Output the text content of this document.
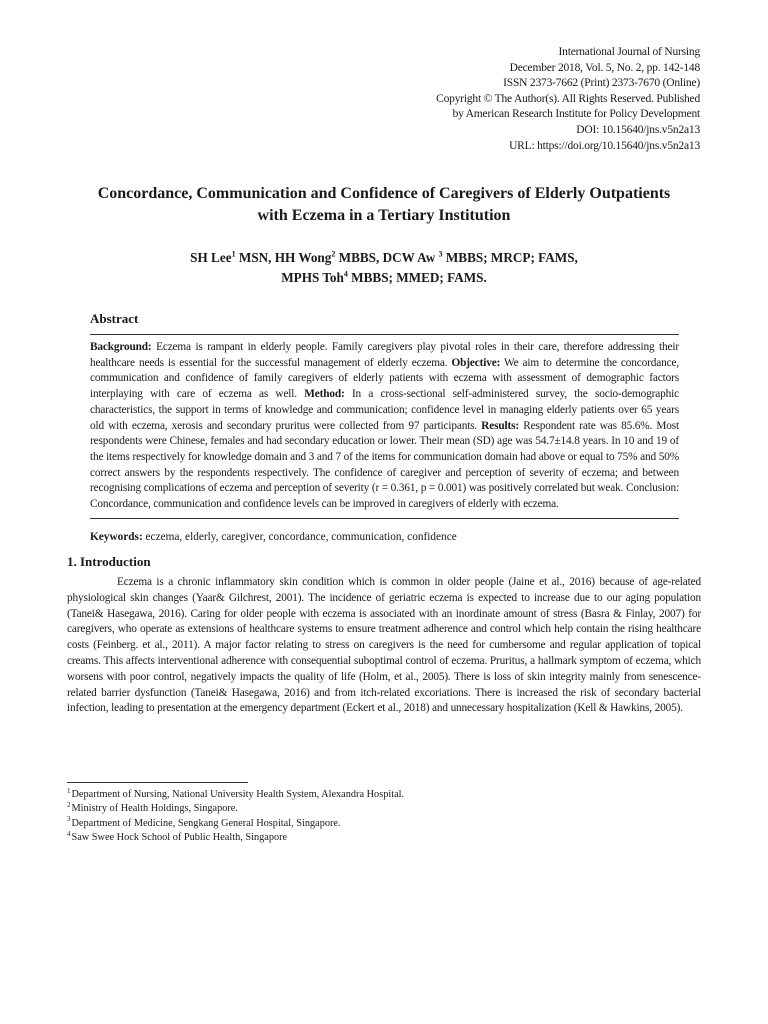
International Journal of Nursing
December 2018, Vol. 5, No. 2, pp. 142-148
ISSN 2373-7662 (Print) 2373-7670 (Online)
Copyright © The Author(s). All Rights Reserved. Published
by American Research Institute for Policy Development
DOI: 10.15640/jns.v5n2a13
URL: https://doi.org/10.15640/jns.v5n2a13
Concordance, Communication and Confidence of Caregivers of Elderly Outpatients
with Eczema in a Tertiary Institution
SH Lee$^1$ MSN, HH Wong$^2$ MBBS, DCW Aw $^3$ MBBS; MRCP; FAMS,
MPHS Toh$^4$ MBBS; MMED; FAMS.
Abstract
Background: Eczema is rampant in elderly people. Family caregivers play pivotal roles in their care, therefore addressing their healthcare needs is essential for the successful management of elderly eczema. Objective: We aim to determine the concordance, communication and confidence of family caregivers of elderly patients with eczema with assessment of demographic factors interplaying with care of eczema as well. Method: In a cross-sectional self-administered survey, the socio-demographic characteristics, the support in terms of knowledge and communication; confidence level in managing elderly patients over 65 years old with eczema, xerosis and secondary pruritus were collected from 97 participants. Results: Respondent rate was 85.6%. Most respondents were Chinese, females and had secondary education or lower. Their mean (SD) age was 54.7±14.8 years. In 10 and 19 of the items respectively for knowledge domain and 3 and 7 of the items for communication domain had above or equal to 75% and 50% correct answers by the respondents respectively. The confidence of caregiver and perception of severity of eczema; and between recognising complications of eczema and perception of severity (r = 0.361, p = 0.001) was positively correlated but weak. Conclusion: Concordance, communication and confidence levels can be improved in caregivers of elderly with eczema.
Keywords: eczema, elderly, caregiver, concordance, communication, confidence
1. Introduction

Eczema is a chronic inflammatory skin condition which is common in older people (Jaine et al., 2016) because of age-related physiological skin changes (Yaar& Gilchrest, 2001). The incidence of geriatric eczema is expected to increase due to our aging population (Tanei& Hasegawa, 2016). Caring for older people with eczema is associated with an inordinate amount of stress (Basra & Finlay, 2007) for caregivers, who operate as extensions of healthcare systems to ensure treatment adherence and control which help contain the rising healthcare costs (Feinberg. et al., 2011). A major factor relating to stress on caregivers is the need for cumbersome and regular application of topical creams. This affects interventional adherence with consequential suboptimal control of eczema. Pruritus, a hallmark symptom of eczema, which worsens with poor control, negatively impacts the quality of life (Holm, et al., 2005). There is loss of skin integrity mainly from senescence-related barrier dysfunction (Tanei& Hasegawa, 2016) and from itch-related excoriations. There is increased the risk of secondary bacterial infection, leading to presentation at the emergency department (Eckert et al., 2018) and unnecessary hospitalization (Kell & Hawkins, 2005).

$^1$Department of Nursing, National University Health System, Alexandra Hospital.
$^2$Ministry of Health Holdings, Singapore.
$^3$Department of Medicine, Sengkang General Hospital, Singapore.
$^4$Saw Swee Hock School of Public Health, Singapore
